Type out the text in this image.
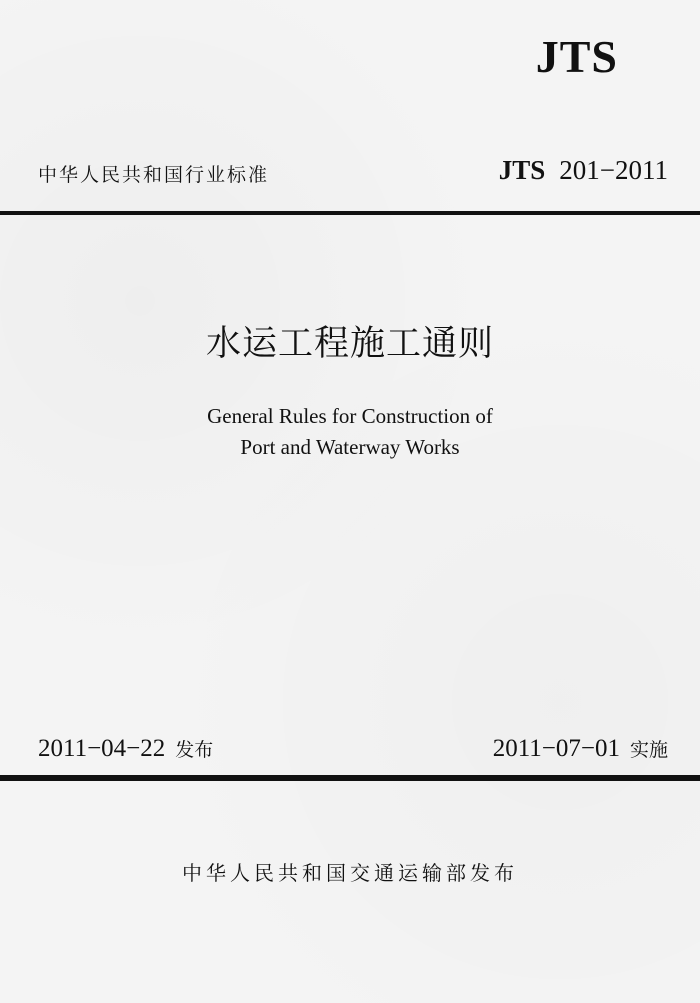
JTS
中华人民共和国行业标准	JTS 201−2011
水运工程施工通则
General Rules for Construction of
Port and Waterway Works
2011−04−22 发布	2011−07−01 实施
中华人民共和国交通运输部发布
